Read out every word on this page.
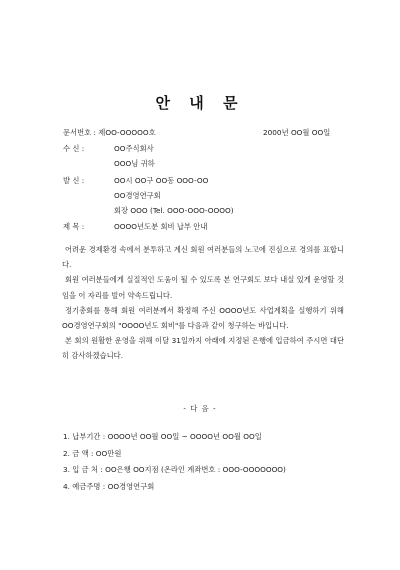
안 내 문
문서번호 : 제OO-OOOOO호	2000년 OO월 OO일
수 신 :	OO주식회사
OOO님 귀하
발 신 :	OO시 OO구 OO동 OOO-OO
OO경영연구회
회장 OOO (Tel. OOO-OOO-OOOO)
제 목 :	OOOO년도분 회비 납부 안내

어려운 경제환경 속에서 분투하고 계신 회원 여러분들의 노고에 진심으로 경의를 표합니다.

회원 여러분들에게 실질적인 도움이 될 수 있도록 본 연구회도 보다 내실 있게 운영할 것임을 이 자리를 빌어 약속드립니다.

정기총회를 통해 회원 여러분께서 확정해 주신 OOOO년도 사업계획을 실행하기 위해 OO경영연구회의 "OOOO년도 회비"를 다음과 같이 청구하는 바입니다.

본 회의 원활한 운영을 위해 이달 31일까지 아래에 지정된 은행에 입금하여 주시면 대단히 감사하겠습니다.

- 다 음 -
1. 납부기간 : OOOO년 OO월 OO일 ~ OOOO년 OO월 OO일
2. 금 액 : OO만원
3. 입 금 처 : OO은행 OO지점 (온라인 계좌번호 : OOO-OOOOOOO)
4. 예금주명 : OO경영연구회
